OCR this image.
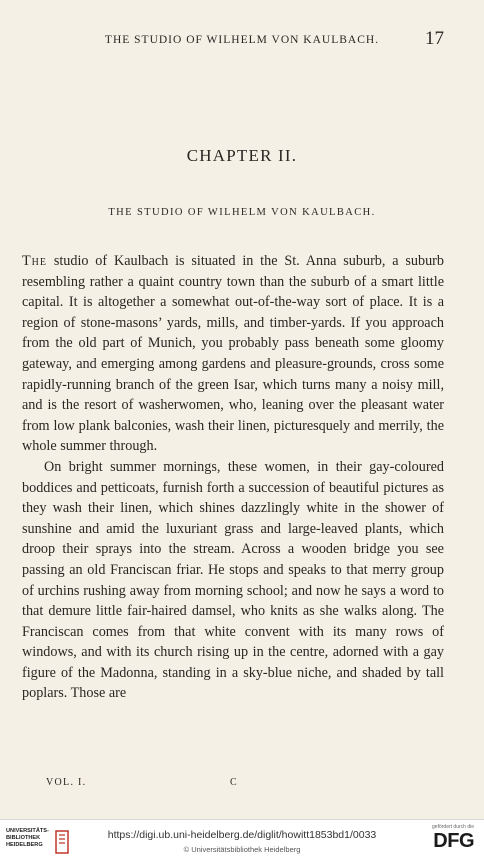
THE STUDIO OF WILHELM VON KAULBACH.	17
CHAPTER II.
THE STUDIO OF WILHELM VON KAULBACH.

The studio of Kaulbach is situated in the St. Anna suburb, a suburb resembling rather a quaint country town than the suburb of a smart little capital. It is altogether a somewhat out-of-the-way sort of place. It is a region of stone-masons’ yards, mills, and timber-yards. If you approach from the old part of Munich, you probably pass beneath some gloomy gateway, and emerging among gardens and pleasure-grounds, cross some rapidly-running branch of the green Isar, which turns many a noisy mill, and is the resort of washerwomen, who, leaning over the pleasant water from low plank balconies, wash their linen, picturesquely and merrily, the whole summer through.

On bright summer mornings, these women, in their gay-coloured boddices and petticoats, furnish forth a succession of beautiful pictures as they wash their linen, which shines dazzlingly white in the shower of sunshine and amid the luxuriant grass and large-leaved plants, which droop their sprays into the stream. Across a wooden bridge you see passing an old Franciscan friar. He stops and speaks to that merry group of urchins rushing away from morning school; and now he says a word to that demure little fair-haired damsel, who knits as she walks along. The Franciscan comes from that white convent with its many rows of windows, and with its church rising up in the centre, adorned with a gay figure of the Madonna, standing in a sky-blue niche, and shaded by tall poplars. Those are

VOL. I.	C
UNIVERSITÄTS-
BIBLIOTHEK
HEIDELBERG
https://digi.ub.uni-heidelberg.de/diglit/howitt1853bd1/0033
© Universitätsbibliothek Heidelberg
gefördert durch die
DFG
